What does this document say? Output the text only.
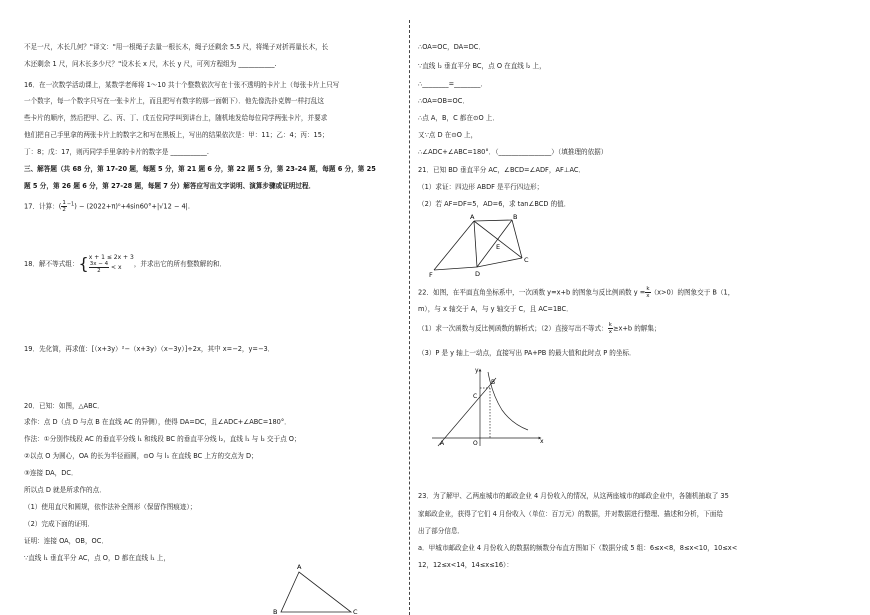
不足一尺，木长几何？"译文："用一根绳子去量一根长木，绳子还剩余 5.5 尺，将绳子对折再量长木，长
木还剩余 1 尺，问木长多少尺？"设木长 x 尺，木长 y 尺，可列方程组为 ___________.
16．在一次数学活动课上，某数学老师将 1～10 共十个整数依次写在十张不透明的卡片上（每张卡片上只写
一个数字，每一个数字只写在一张卡片上，而且把写有数字的那一面朝下）．他先像洗扑克牌一样打乱这
些卡片的顺序，然后把甲、乙、丙、丁、戊五位同学叫到讲台上，随机地发给每位同学两张卡片，并要求
他们把自己手里拿的两张卡片上的数字之和写在黑板上，写出的结果依次是：甲：11；乙：4；丙：15；
丁：8；戊：17，则丙同学手里拿的卡片的数字是 ___________.
三、解答题（共 68 分，第 17-20 题，每题 5 分，第 21 题 6 分，第 22 题 5 分，第 23-24 题，每题 6 分，第 25
题 5 分，第 26 题 6 分，第 27-28 题，每题 7 分）解答应写出文字说明、演算步骤或证明过程．
17．计算：( $\frac{1}{2} ^{-1}) - (2022+\pi)^0+4\sin 60^\circ+|√12 - 4|$.
18．解不等式组：{ x + 1 ≤ 2x + 3
$\frac{3x - 4}{2} < x$	，并求出它的所有整数解的和．
19．先化简，再求值：[（x+3y）²−（x+3y）（x−3y）]÷2x，其中 x=−2，y=−3．
20．已知：如图，△ABC．
求作：点 D（点 D 与点 B 在直线 AC 的异侧），使得 DA=DC，且∠ADC+∠ABC=180°．
作法：①分别作线段 AC 的垂直平分线 l₁ 和线段 BC 的垂直平分线 l₂，直线 l₁ 与 l₂ 交于点 O；
②以点 O 为圆心，OA 的长为半径画圆，⊙O 与 l₁ 在直线 BC 上方的交点为 D；
③连接 DA，DC．
所以点 D 就是所求作的点．
（1）使用直尺和圆规，依作法补全图形（保留作图痕迹）；
（2）完成下面的证明．
证明：连接 OA，OB，OC．
∵直线 l₁ 垂直平分 AC，点 O，D 都在直线 l₁ 上，
A
B	C
∴OA=OC，DA=DC．
∵直线 l₂ 垂直平分 BC，点 O 在直线 l₂ 上，
∴________=________．
∴OA=OB=OC．
∴点 A，B，C 都在⊙O 上．
又∵点 D 在⊙O 上，
∴∠ADC+∠ABC=180°．（________________）（填推理的依据）
21．已知 BD 垂直平分 AC，∠BCD=∠ADF，AF⊥AC．
（1）求证：四边形 ABDF 是平行四边形；
（2）若 AF=DF=5，AD=6，求 tan∠BCD 的值．
A	B
E
C
F	D
22．如图，在平面直角坐标系中，一次函数 y=x+b 的图象与反比例函数 $y = \frac{k}{x} (x>0)$的图象交于 B（1，
m），与 x 轴交于 A，与 y 轴交于 C，且 AC=1BC．
（1）求一次函数与反比例函数的解析式；（2）直接写出不等式： $\frac{k}{x} \ge x+b$ 的解集；
（3）P 是 y 轴上一动点，直接写出 PA+PB 的最大值和此时点 P 的坐标．
y
B
C
A	O	x
23．为了解甲、乙两座城市的邮政企业 4 月份收入的情况，从这两座城市的邮政企业中，各随机抽取了 35
家邮政企业，获得了它们 4 月份收入（单位：百万元）的数据，并对数据进行整理、描述和分析，下面给
出了部分信息．
a．甲城市邮政企业 4 月份收入的数据的频数分布直方图如下（数据分成 5 组：6≤x<8，8≤x<10，10≤x<
12，12≤x<14，14≤x≤16）：
